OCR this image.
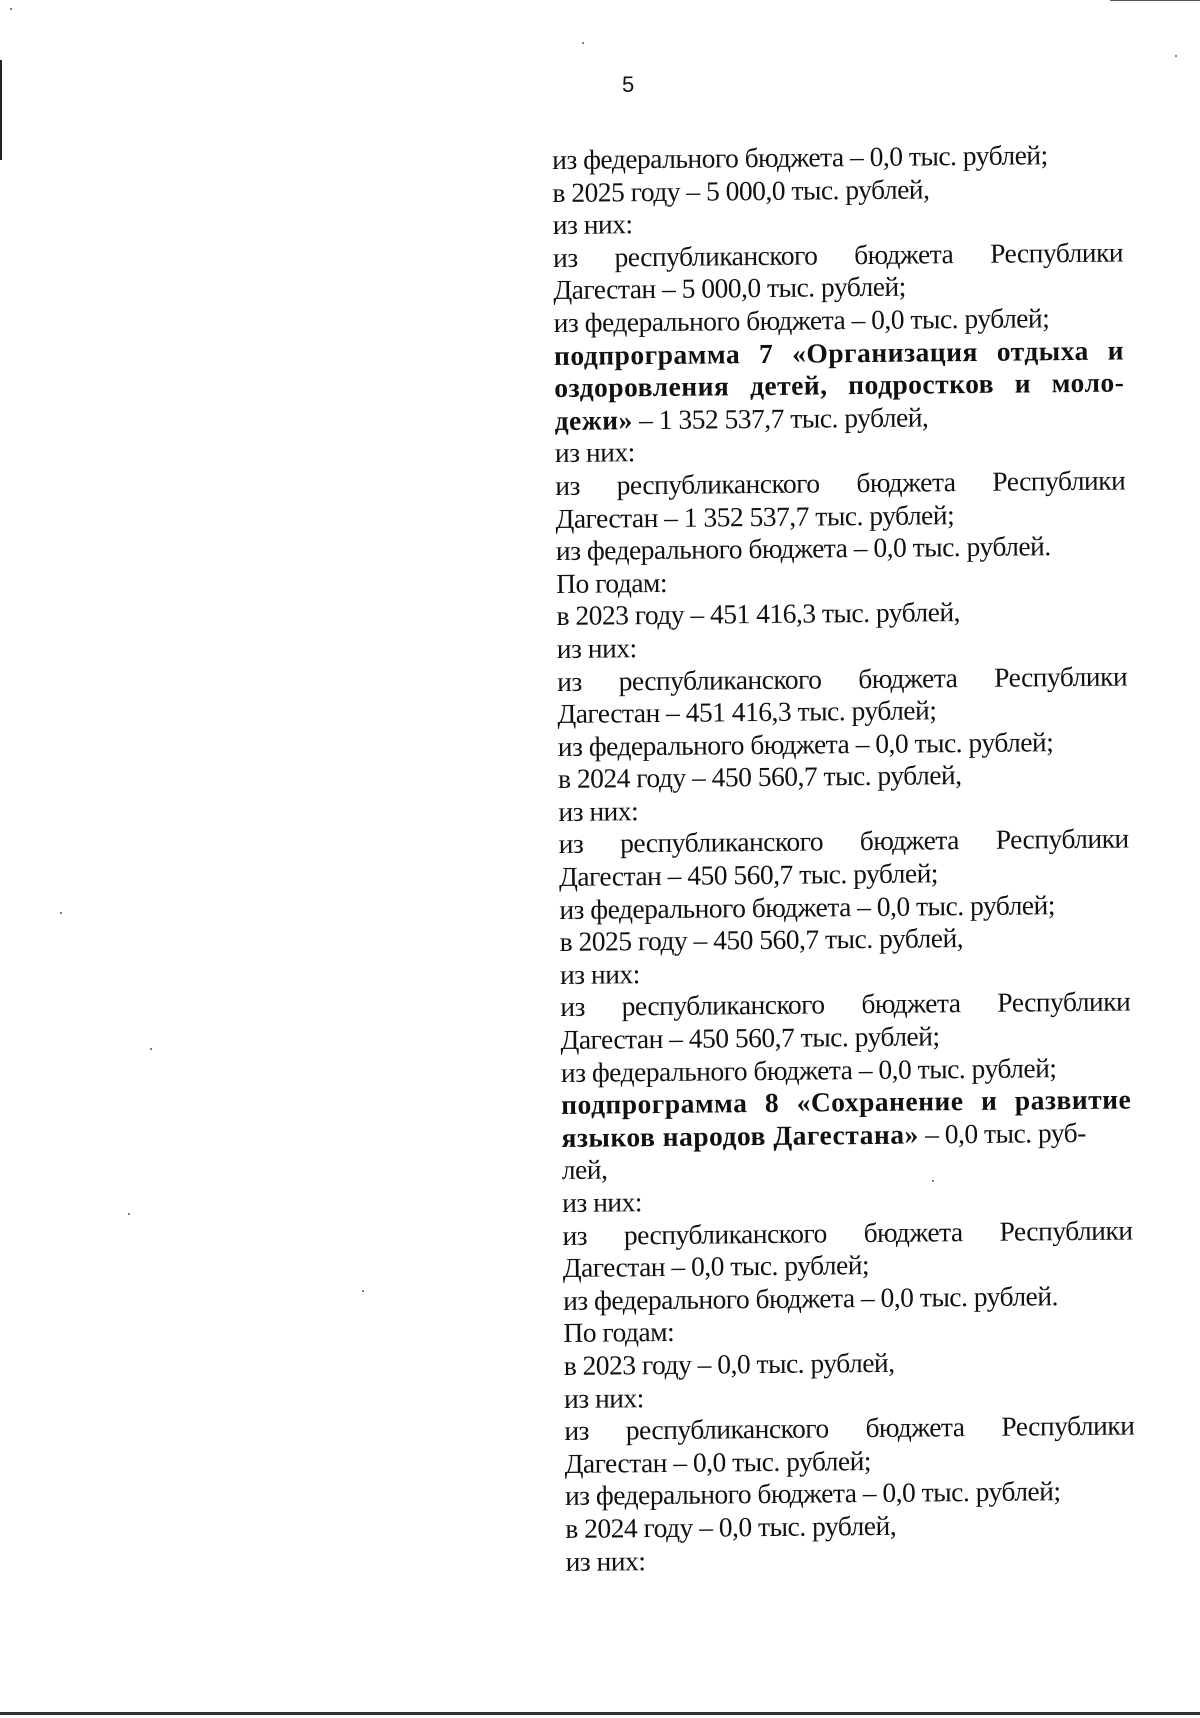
5
из федерального бюджета – 0,0 тыс. рублей;
в 2025 году – 5 000,0 тыс. рублей,
из них:
из республиканского бюджета Республики
Дагестан – 5 000,0 тыс. рублей;
из федерального бюджета – 0,0 тыс. рублей;
подпрограмма 7 «Организация отдыха и
оздоровления детей, подростков и моло-
дежи» – 1 352 537,7 тыс. рублей,
из них:
из республиканского бюджета Республики
Дагестан – 1 352 537,7 тыс. рублей;
из федерального бюджета – 0,0 тыс. рублей.
По годам:
в 2023 году – 451 416,3 тыс. рублей,
из них:
из республиканского бюджета Республики
Дагестан – 451 416,3 тыс. рублей;
из федерального бюджета – 0,0 тыс. рублей;
в 2024 году – 450 560,7 тыс. рублей,
из них:
из республиканского бюджета Республики
Дагестан – 450 560,7 тыс. рублей;
из федерального бюджета – 0,0 тыс. рублей;
в 2025 году – 450 560,7 тыс. рублей,
из них:
из республиканского бюджета Республики
Дагестан – 450 560,7 тыс. рублей;
из федерального бюджета – 0,0 тыс. рублей;
подпрограмма 8 «Сохранение и развитие
языков народов Дагестана» – 0,0 тыс. руб-
лей,
из них:
из республиканского бюджета Республики
Дагестан – 0,0 тыс. рублей;
из федерального бюджета – 0,0 тыс. рублей.
По годам:
в 2023 году – 0,0 тыс. рублей,
из них:
из республиканского бюджета Республики
Дагестан – 0,0 тыс. рублей;
из федерального бюджета – 0,0 тыс. рублей;
в 2024 году – 0,0 тыс. рублей,
из них:
